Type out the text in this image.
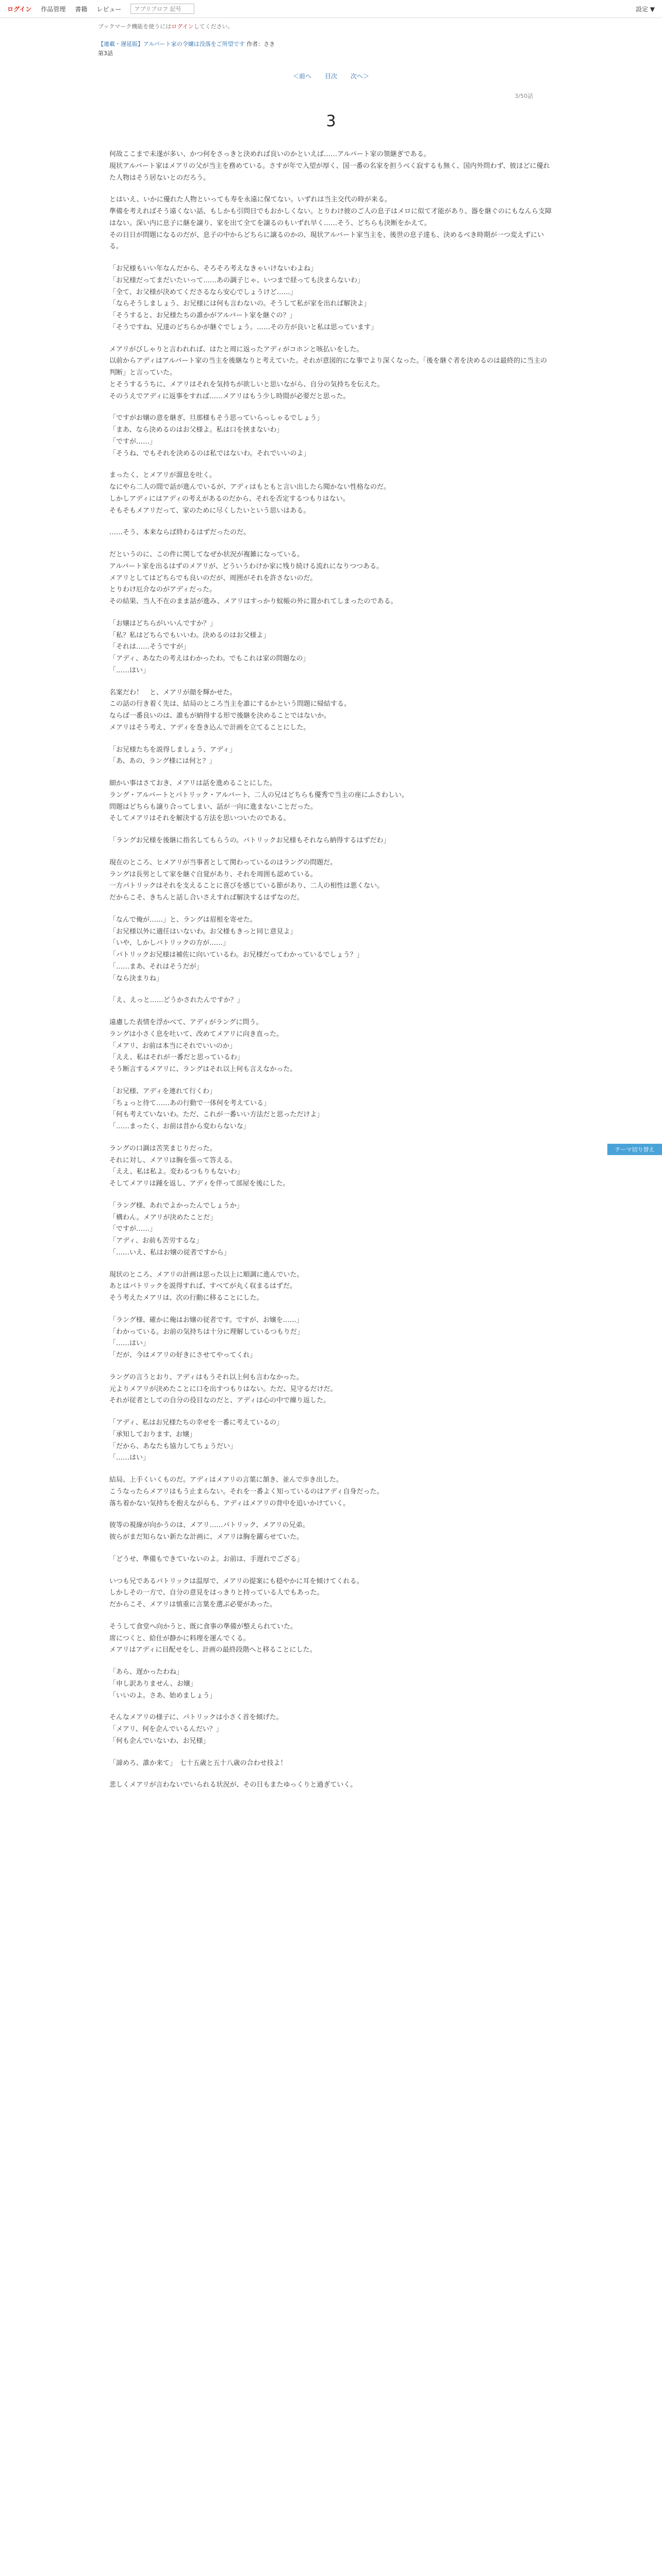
ログイン 作品管理 書籍 レビュー	アプリプロフ 記号	設定 ▼
ブックマーク機能を使うにはログインしてください。
【連載・遅延版】アルバート家の令嬢は没落をご所望です 作者：さき
第3話
＜前へ 目次 次へ＞
3/50話
3

何故ここまで未遂が多い、かつ何をさっきと決めれば良いのかといえば……アルバート家の領継ぎである。
現状アルバート家はメアリの父が当主を務めている。さすが年で入望が厚く、国一番の名家を担うべく寂するも無く、国内外問わず、彼ほどに優れた人物はそう居ないとのだろう。

とはいえ、いかに優れた人物といっても寿を永遠に保てない。いずれは当主交代の時が来る。
準備を考えればそう遠くない話、もしかも引問日でもおかしくない。とりわけ彼のご人の息子はメロに似て才能があり、器を継ぐのにもなんら支障はない。深い内に息子に継を譲り、家を出て全てを譲るのもいずれ早く……そう、どちらも決断をかえて。
その日日が問題になるのだが、息子の中からどちらに譲るのかの、現状アルバート家当主を、後世の息子達も、決めるべき時期が一つ変えずにいる。

「お兄様もいい年なんだから、そろそろ考えなきゃいけないわよね」
「お兄様だってまだいたいって……あの調子じゃ、いつまで経っても決まらないわ」
「全て、お父様が決めてくださるなら安心でしょうけど……」
「ならそうしましょう、お兄様には何も言わないの。そうして私が家を出れば解決よ」
「そうすると、お兄様たちの誰かがアルバート家を継ぐの？」
「そうですね、兄達のどちらかが継ぐでしょう。……その方が良いと私は思っています」

メアリがびしゃりと言われれば、はたと周に返ったアディがコホンと咳払いをした。
以前からアディはアルバート家の当主を後継なりと考えていた。それが意図的にな事でより深くなった。「後を継ぐ者を決めるのは最終的に当主の判断」と言っていた。
とそうするうちに、メアリはそれを気持ちが欲しいと思いながら、自分の気持ちを伝えた。
そのうえでアディに返事をすれば……メアリはもう少し時間が必要だと思った。

「ですがお嬢の意を継ぎ、旦那様もそう思っていらっしゃるでしょう」
「まあ、なら決めるのはお父様よ。私は口を挟まないわ」
「ですが……」
「そうね、でもそれを決めるのは私ではないわ。それでいいのよ」

まったく、とメアリが溜息を吐く。
なにやら二人の間で話が進んでいるが、アディはもともと言い出したら聞かない性格なのだ。
しかしアディにはアディの考えがあるのだから、それを否定するつもりはない。
そもそもメアリだって、家のために尽くしたいという思いはある。

……そう、本来ならば終わるはずだったのだ。

だというのに、この件に関してなぜか状況が複雑になっている。
アルバート家を出るはずのメアリが、どういうわけか家に残り続ける流れになりつつある。
メアリとしてはどちらでも良いのだが、周囲がそれを許さないのだ。
とりわけ厄介なのがアディだった。
その結果、当人不在のまま話が進み、メアリはすっかり蚊帳の外に置かれてしまったのである。

「お嬢はどちらがいいんですか？」
「私？私はどちらでもいいわ。決めるのはお父様よ」
「それは……そうですが」
「アディ、あなたの考えはわかったわ。でもこれは家の問題なの」
「……はい」

名案だわ！　と、メアリが顔を輝かせた。
この話の行き着く先は、結局のところ当主を誰にするかという問題に帰結する。
ならば一番良いのは、誰もが納得する形で後継を決めることではないか。
メアリはそう考え、アディを巻き込んで計画を立てることにした。

「お兄様たちを説得しましょう、アディ」
「あ、あの、ラング様には何と？」

細かい事はさておき、メアリは話を進めることにした。
ラング・アルバートとパトリック・アルバート、二人の兄はどちらも優秀で当主の座にふさわしい。
問題はどちらも譲り合ってしまい、話が一向に進まないことだった。
そしてメアリはそれを解決する方法を思いついたのである。

「ラングお兄様を後継に指名してもらうの。パトリックお兄様もそれなら納得するはずだわ」

現在のところ、ヒメアリが当事者として関わっているのはラングの問題だ。
ラングは長男として家を継ぐ自覚があり、それを周囲も認めている。
一方パトリックはそれを支えることに喜びを感じている節があり、二人の相性は悪くない。
だからこそ、きちんと話し合いさえすれば解決するはずなのだ。

「なんで俺が……」と、ラングは眉根を寄せた。
「お兄様以外に適任はいないわ。お父様もきっと同じ意見よ」
「いや、しかしパトリックの方が……」
「パトリックお兄様は補佐に向いているわ。お兄様だってわかっているでしょう？」
「……まあ、それはそうだが」
「なら決まりね」

「え、えっと……どうかされたんですか？」

遠慮した表情を浮かべて、アディがラングに問う。
ラングは小さく息を吐いて、改めてメアリに向き直った。
「メアリ、お前は本当にそれでいいのか」
「ええ、私はそれが一番だと思っているわ」
そう断言するメアリに、ラングはそれ以上何も言えなかった。

「お兄様、アディを連れて行くわ」
「ちょっと待て……あの行動で一体何を考えている」
「何も考えていないわ。ただ、これが一番いい方法だと思っただけよ」
「……まったく、お前は昔から変わらないな」

ラングの口調は苦笑まじりだった。
それに対し、メアリは胸を張って答える。
「ええ、私は私よ。変わるつもりもないわ」
そしてメアリは踵を返し、アディを伴って部屋を後にした。

「ラング様、あれでよかったんでしょうか」
「構わん。メアリが決めたことだ」
「ですが……」
「アディ、お前も苦労するな」
「……いえ、私はお嬢の従者ですから」

現状のところ、メアリの計画は思った以上に順調に進んでいた。
あとはパトリックを説得すれば、すべてが丸く収まるはずだ。
そう考えたメアリは、次の行動に移ることにした。

「ラング様、確かに俺はお嬢の従者です。ですが、お嬢を……」
「わかっている。お前の気持ちは十分に理解しているつもりだ」
「……はい」
「だが、今はメアリの好きにさせてやってくれ」

ラングの言うとおり、アディはもうそれ以上何も言わなかった。
元よりメアリが決めたことに口を出すつもりはない。ただ、見守るだけだ。
それが従者としての自分の役目なのだと、アディは心の中で繰り返した。

「アディ、私はお兄様たちの幸せを一番に考えているの」
「承知しております、お嬢」
「だから、あなたも協力してちょうだい」
「……はい」

結局、上手くいくものだ。アディはメアリの言葉に頷き、並んで歩き出した。
こうなったらメアリはもう止まらない。それを一番よく知っているのはアディ自身だった。
落ち着かない気持ちを抱えながらも、アディはメアリの背中を追いかけていく。

彼等の視線が向かうのは、メアリ……パトリック、メアリの兄弟。
彼らがまだ知らない新たな計画に、メアリは胸を躍らせていた。

「どうせ、準備もできていないのよ。お前は、手遅れでござる」

いつも兄であるパトリックは温厚で、メアリの提案にも穏やかに耳を傾けてくれる。
しかしその一方で、自分の意見をはっきりと持っている人でもあった。
だからこそ、メアリは慎重に言葉を選ぶ必要があった。

そうして食堂へ向かうと、既に食事の準備が整えられていた。
席につくと、給仕が静かに料理を運んでくる。
メアリはアディに目配せをし、計画の最終段階へと移ることにした。

「あら、遅かったわね」
「申し訳ありません、お嬢」
「いいのよ。さあ、始めましょう」

そんなメアリの様子に、パトリックは小さく首を傾げた。
「メアリ、何を企んでいるんだい？」
「何も企んでいないわ、お兄様」

「諦めろ、誰か来て」　七十五歳と五十八歳の合わせ技よ！

悲しくメアリが言わないでいられる状況が、その日もまたゆっくりと過ぎていく。

テーマ切り替え
